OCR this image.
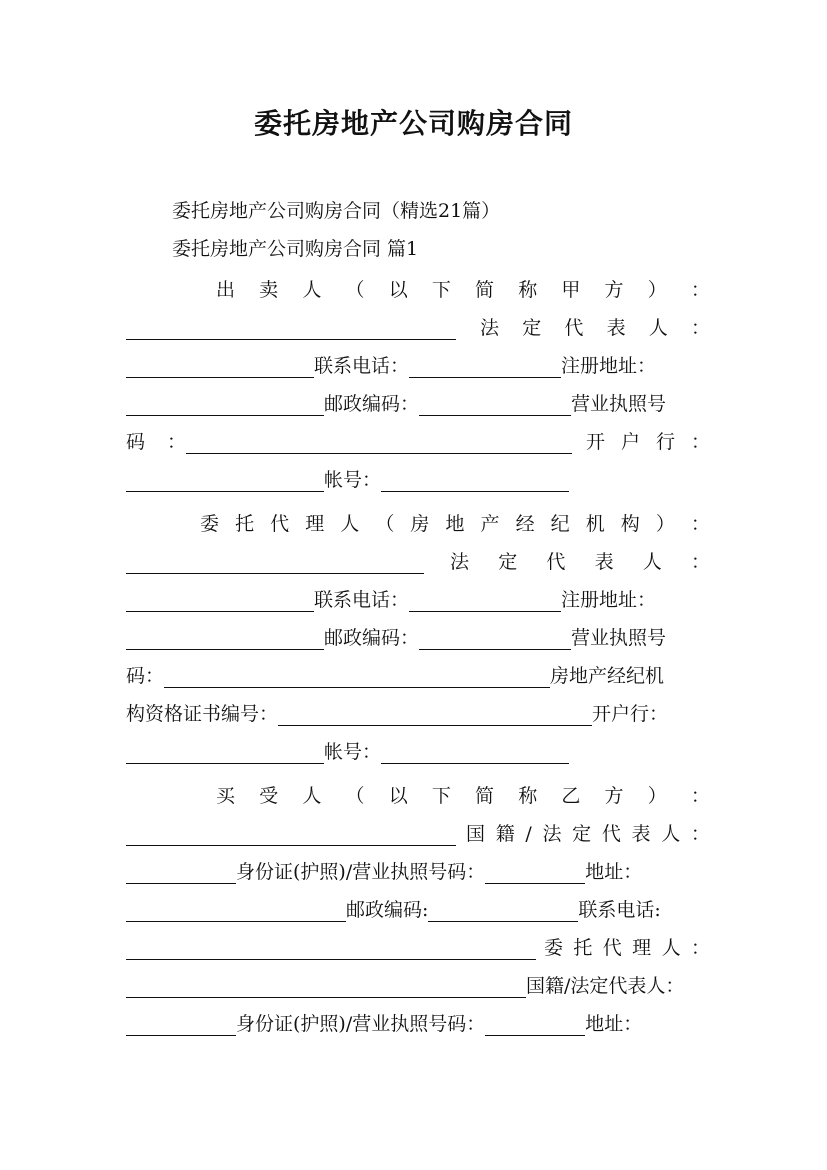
委托房地产公司购房合同
委托房地产公司购房合同（精选21篇）
委托房地产公司购房合同 篇1
出 卖 人 （ 以 下 简 称 甲 方 ） ：
法 定 代 表 人 ：
联系电话：	注册地址：
邮政编码：	营业执照号
码 ：	开 户 行 ：
帐号：
委 托 代 理 人 （ 房 地 产 经 纪 机 构 ） ：
法 定 代 表 人 ：
联系电话：	注册地址：
邮政编码：	营业执照号
码：	房地产经纪机
构资格证书编号：	开户行：
帐号：
买 受 人 （ 以 下 简 称 乙 方 ） ：
国 籍 / 法 定 代 表 人 ：
身份证(护照)/营业执照号码：	地址：
邮政编码:	联系电话:
委 托 代 理 人 ：
国籍/法定代表人：
身份证(护照)/营业执照号码：	地址：
